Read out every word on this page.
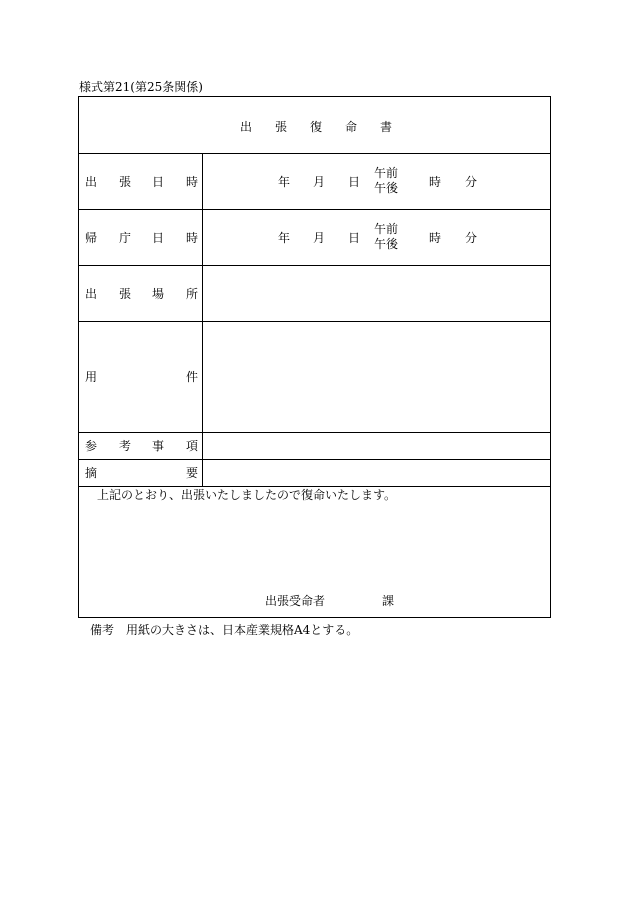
様式第21(第25条関係)
出 張 復 命 書
出 張 日 時	年 月 日
午前
午後	時 分
帰 庁 日 時	年 月 日
午前
午後	時 分
出 張 場 所
用	件
参 考 事 項
摘	要
上記のとおり、出張いたしましたので復命いたします。
出張受命者	課
備考　用紙の大きさは、日本産業規格A4とする。
